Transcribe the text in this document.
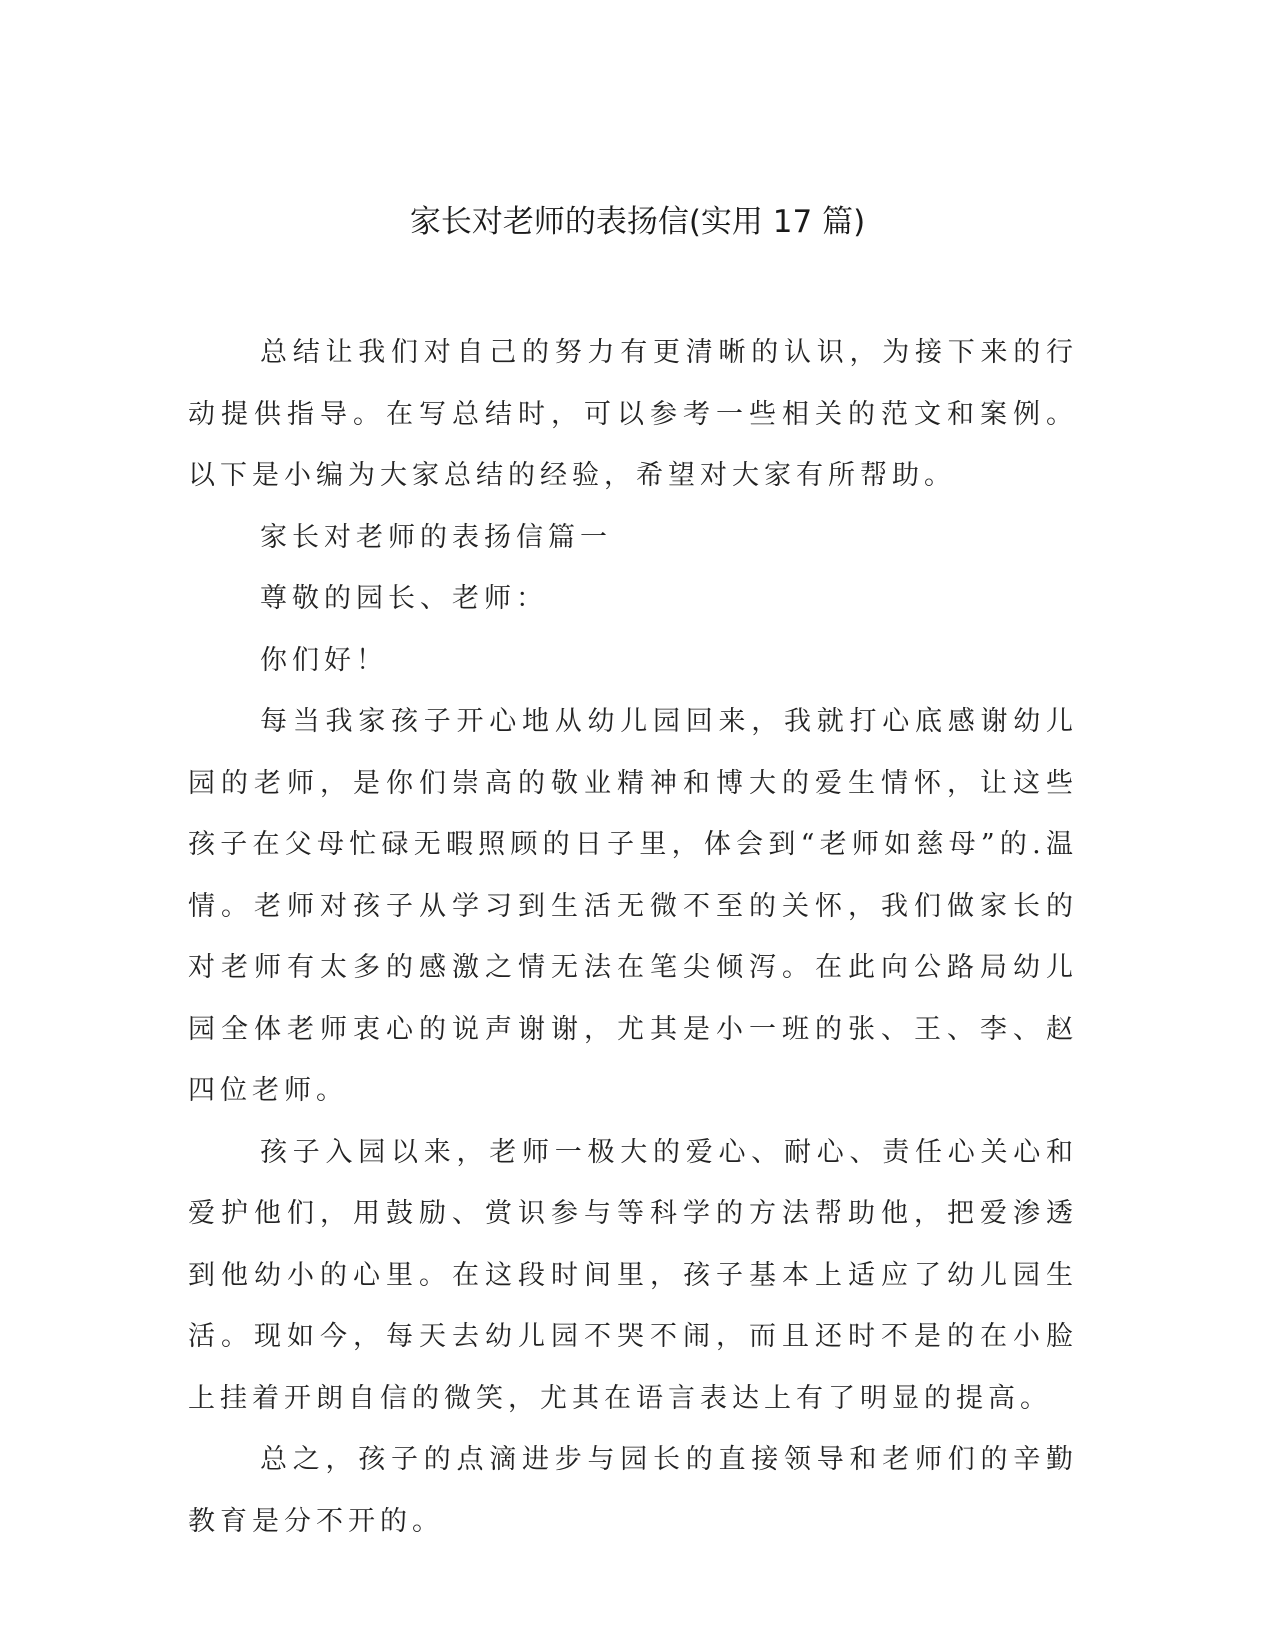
家长对老师的表扬信(实用 17 篇)

总结让我们对自己的努力有更清晰的认识，为接下来的行动提供指导。在写总结时，可以参考一些相关的范文和案例。以下是小编为大家总结的经验，希望对大家有所帮助。

家长对老师的表扬信篇一

尊敬的园长、老师：

你们好！

每当我家孩子开心地从幼儿园回来，我就打心底感谢幼儿园的老师，是你们崇高的敬业精神和博大的爱生情怀，让这些孩子在父母忙碌无暇照顾的日子里，体会到“老师如慈母”的.温情。老师对孩子从学习到生活无微不至的关怀，我们做家长的对老师有太多的感激之情无法在笔尖倾泻。在此向公路局幼儿园全体老师衷心的说声谢谢，尤其是小一班的张、王、李、赵四位老师。

孩子入园以来，老师一极大的爱心、耐心、责任心关心和爱护他们，用鼓励、赏识参与等科学的方法帮助他，把爱渗透到他幼小的心里。在这段时间里，孩子基本上适应了幼儿园生活。现如今，每天去幼儿园不哭不闹，而且还时不是的在小脸上挂着开朗自信的微笑，尤其在语言表达上有了明显的提高。

总之，孩子的点滴进步与园长的直接领导和老师们的辛勤教育是分不开的。
